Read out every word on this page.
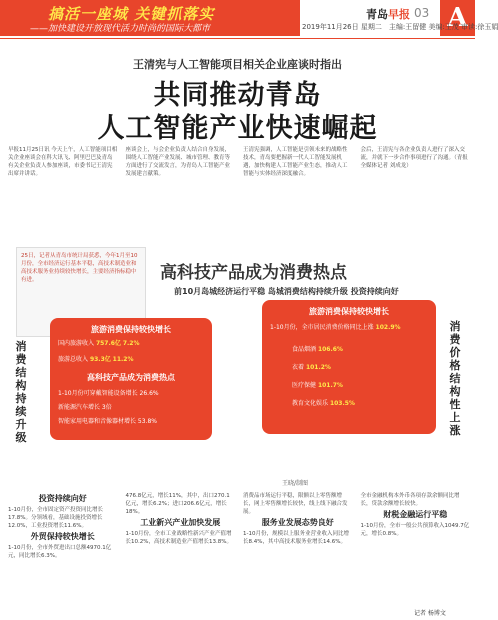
搞活一座城 关键抓落实
——加快建设开放现代活力时尚的国际大都市
青岛早报 03 A
2019年11月26日 星期二　 主编:王留健 美编:王茂 审读:徐玉娟
王清宪与人工智能项目相关企业座谈时指出
共同推动青岛
人工智能产业快速崛起
早报11月25日讯 今天上午，人工智能项目相关企业座谈会在科大讯飞、阿里巴巴及青岛有关企业负责人参加座谈，市委书记王清宪出席并讲话。
座谈会上，与会企业负责人结合自身发展，围绕人工智能产业发展、城市管理、教育等方面进行了交流发言，为青岛人工智能产业发展建言献策。
王清宪强调，人工智能是引领未来的战略性技术，青岛要把握新一代人工智能发展机遇，加快构建人工智能产业生态，推动人工智能与实体经济深度融合。
会后，王清宪与各企业负责人进行了深入交流，并就下一步合作事项进行了沟通。（青报全媒体记者 刘成龙）
25日，记者从青岛市统计局获悉，今年1月至10月份，全市经济运行基本平稳，高技术制造业和高技术服务业持续较快增长，主要经济指标稳中有进。	高科技产品成为消费热点
前10月岛城经济运行平稳 岛城消费结构持续升级 投资持续向好
消费结构持续升级
消费价格结构性上涨
旅游消费保持较快增长
国内旅游收入 757.6亿 7.2%
旅游总收入 93.3亿 11.2%
高科技产品成为消费热点
1-10月份可穿戴智能设备增长 26.6%
新能源汽车增长 3倍
智能家用电器和音像器材增长 53.8%
旅游消费保持较快增长
1-10月份，全市居民消费价格同比上涨 102.9%
食品烟酒 106.6%
衣着 101.2%
医疗保健 101.7%
教育文化娱乐 103.5%
王晓/制图
投资持续向好
1-10月份，全市固定资产投资同比增长17.8%。分领域看，基础设施投资增长12.0%，工业投资增长11.6%。
外贸保持较快增长
1-10月份，全市外贸进出口总额4970.1亿元，同比增长6.3%。
476.8亿元，增长11%，其中，出口270.1亿元，增长6.2%；进口206.6亿元，增长18%。
工业新兴产业加快发展
1-10月份，全市工业战略性新兴产业产值增长10.2%，高技术制造业产值增长13.8%。
消费品市场运行平稳，限额以上零售额增长，网上零售额增长较快，线上线下融合发展。
服务业发展态势良好
1-10月份，规模以上服务业营业收入同比增长8.4%，其中高技术服务业增长14.6%。
全市金融机构本外币各项存款余额同比增长，贷款余额增长较快。
财税金融运行平稳
1-10月份，全市一般公共预算收入1049.7亿元，增长0.8%。
记者 杨博文
